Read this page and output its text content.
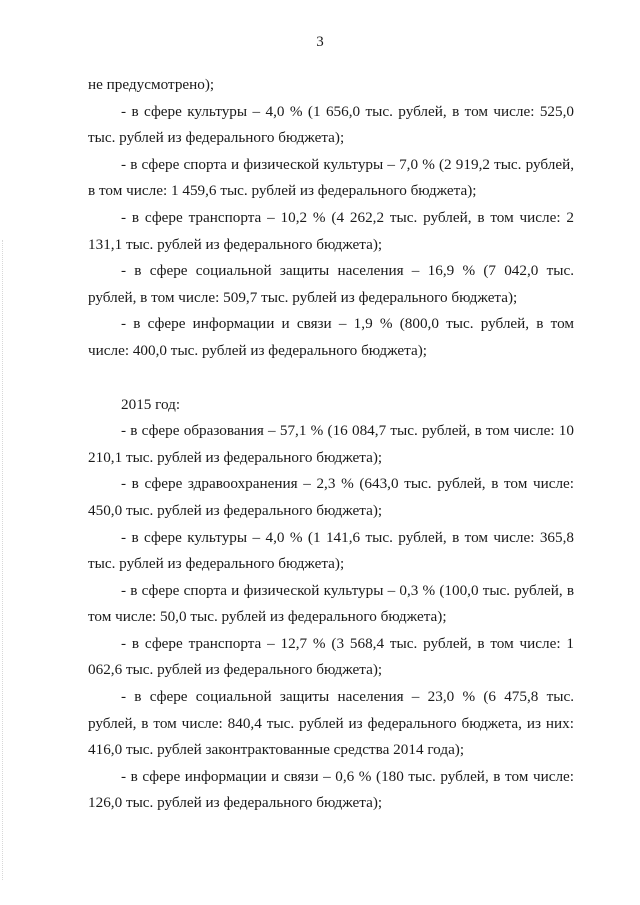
3

не предусмотрено);

- в сфере культуры – 4,0 % (1 656,0 тыс. рублей, в том числе: 525,0 тыс. рублей из федерального бюджета);

- в сфере спорта и физической культуры – 7,0 % (2 919,2 тыс. рублей, в том числе: 1 459,6 тыс. рублей из федерального бюджета);

- в сфере транспорта – 10,2 % (4 262,2 тыс. рублей, в том числе: 2 131,1 тыс. рублей из федерального бюджета);

- в сфере социальной защиты населения – 16,9 % (7 042,0 тыс. рублей, в том числе: 509,7 тыс. рублей из федерального бюджета);

- в сфере информации и связи – 1,9 % (800,0 тыс. рублей, в том числе: 400,0 тыс. рублей из федерального бюджета);

2015 год:

- в сфере образования – 57,1 % (16 084,7 тыс. рублей, в том числе: 10 210,1 тыс. рублей из федерального бюджета);

- в сфере здравоохранения – 2,3 % (643,0 тыс. рублей, в том числе: 450,0 тыс. рублей из федерального бюджета);

- в сфере культуры – 4,0 % (1 141,6 тыс. рублей, в том числе: 365,8 тыс. рублей из федерального бюджета);

- в сфере спорта и физической культуры – 0,3 % (100,0 тыс. рублей, в том числе: 50,0 тыс. рублей из федерального бюджета);

- в сфере транспорта – 12,7 % (3 568,4 тыс. рублей, в том числе: 1 062,6 тыс. рублей из федерального бюджета);

- в сфере социальной защиты населения – 23,0 % (6 475,8 тыс. рублей, в том числе: 840,4 тыс. рублей из федерального бюджета, из них: 416,0 тыс. рублей законтрактованные средства 2014 года);

- в сфере информации и связи – 0,6 % (180 тыс. рублей, в том числе: 126,0 тыс. рублей из федерального бюджета);
